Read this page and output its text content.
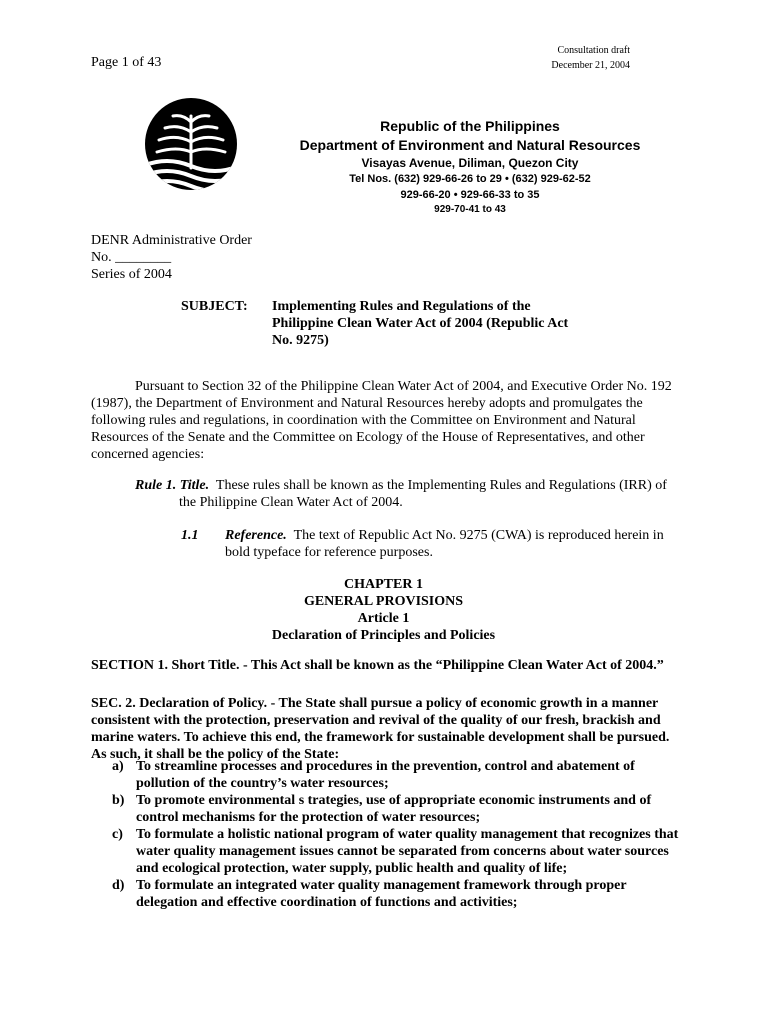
Page 1 of 43
Consultation draft
December 21, 2004
Republic of the Philippines
Department of Environment and Natural Resources
Visayas Avenue, Diliman, Quezon City
Tel Nos. (632) 929-66-26 to 29 • (632) 929-62-52
929-66-20 • 929-66-33 to 35
929-70-41 to 43
DENR Administrative Order
No. ________
Series of 2004
SUBJECT: Implementing Rules and Regulations of the
Philippine Clean Water Act of 2004 (Republic Act
No. 9275)
Pursuant to Section 32 of the Philippine Clean Water Act of 2004, and Executive Order No. 192
(1987), the Department of Environment and Natural Resources hereby adopts and promulgates the
following rules and regulations, in coordination with the Committee on Environment and Natural
Resources of the Senate and the Committee on Ecology of the House of Representatives, and other
concerned agencies:
Rule 1. Title. These rules shall be known as the Implementing Rules and Regulations (IRR) of
the Philippine Clean Water Act of 2004.
1.1 Reference. The text of Republic Act No. 9275 (CWA) is reproduced herein in
bold typeface for reference purposes.
CHAPTER 1
GENERAL PROVISIONS
Article 1
Declaration of Principles and Policies
SECTION 1. Short Title. - This Act shall be known as the “Philippine Clean Water Act of 2004.”
SEC. 2. Declaration of Policy. - The State shall pursue a policy of economic growth in a manner
consistent with the protection, preservation and revival of the quality of our fresh, brackish and
marine waters. To achieve this end, the framework for sustainable development shall be pursued.
As such, it shall be the policy of the State:
a) To streamline processes and procedures in the prevention, control and abatement of
pollution of the country’s water resources;
b) To promote environmental s trategies, use of appropriate economic instruments and of
control mechanisms for the protection of water resources;
c) To formulate a holistic national program of water quality management that recognizes that
water quality management issues cannot be separated from concerns about water sources
and ecological protection, water supply, public health and quality of life;
d) To formulate an integrated water quality management framework through proper
delegation and effective coordination of functions and activities;
